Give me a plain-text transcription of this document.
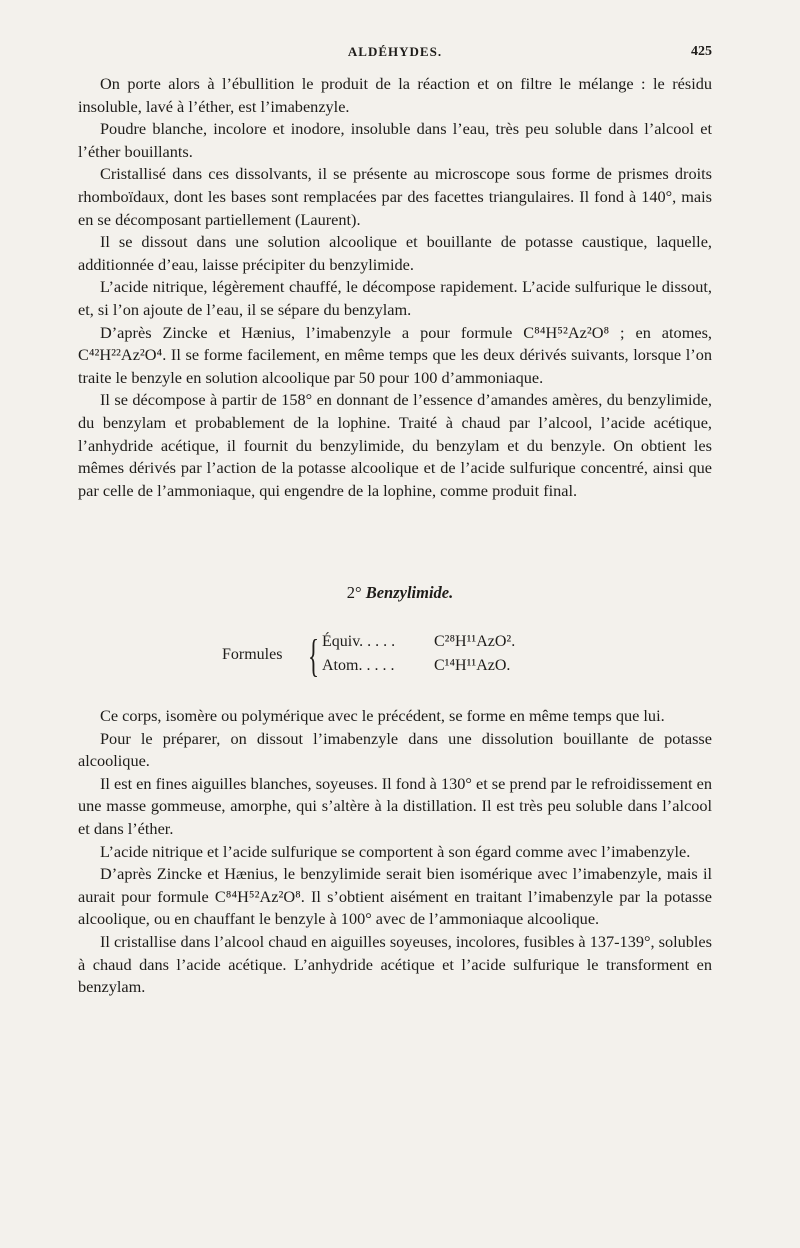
ALDÉHYDES.	425

On porte alors à l’ébullition le produit de la réaction et on filtre le mélange : le résidu insoluble, lavé à l’éther, est l’imabenzyle.

Poudre blanche, incolore et inodore, insoluble dans l’eau, très peu soluble dans l’alcool et l’éther bouillants.

Cristallisé dans ces dissolvants, il se présente au microscope sous forme de prismes droits rhomboïdaux, dont les bases sont remplacées par des facettes triangulaires. Il fond à 140°, mais en se décomposant partiellement (Laurent).

Il se dissout dans une solution alcoolique et bouillante de potasse caustique, laquelle, additionnée d’eau, laisse précipiter du benzylimide.

L’acide nitrique, légèrement chauffé, le décompose rapidement. L’acide sulfurique le dissout, et, si l’on ajoute de l’eau, il se sépare du benzylam.

D’après Zincke et Hænius, l’imabenzyle a pour formule C⁸⁴H⁵²Az²O⁸ ; en atomes, C⁴²H²²Az²O⁴. Il se forme facilement, en même temps que les deux dérivés suivants, lorsque l’on traite le benzyle en solution alcoolique par 50 pour 100 d’ammoniaque.

Il se décompose à partir de 158° en donnant de l’essence d’amandes amères, du benzylimide, du benzylam et probablement de la lophine. Traité à chaud par l’alcool, l’acide acétique, l’anhydride acétique, il fournit du benzylimide, du benzylam et du benzyle. On obtient les mêmes dérivés par l’action de la potasse alcoolique et de l’acide sulfurique concentré, ainsi que par celle de l’ammoniaque, qui engendre de la lophine, comme produit final.

2° Benzylimide.
Formules { Équiv. . . . . C²⁸H¹¹AzO².
Atom. . . . . C¹⁴H¹¹AzO.

Ce corps, isomère ou polymérique avec le précédent, se forme en même temps que lui.

Pour le préparer, on dissout l’imabenzyle dans une dissolution bouillante de potasse alcoolique.

Il est en fines aiguilles blanches, soyeuses. Il fond à 130° et se prend par le refroidissement en une masse gommeuse, amorphe, qui s’altère à la distillation. Il est très peu soluble dans l’alcool et dans l’éther.

L’acide nitrique et l’acide sulfurique se comportent à son égard comme avec l’imabenzyle.

D’après Zincke et Hænius, le benzylimide serait bien isomérique avec l’imabenzyle, mais il aurait pour formule C⁸⁴H⁵²Az²O⁸. Il s’obtient aisément en traitant l’imabenzyle par la potasse alcoolique, ou en chauffant le benzyle à 100° avec de l’ammoniaque alcoolique.

Il cristallise dans l’alcool chaud en aiguilles soyeuses, incolores, fusibles à 137-139°, solubles à chaud dans l’acide acétique. L’anhydride acétique et l’acide sulfurique le transforment en benzylam.
